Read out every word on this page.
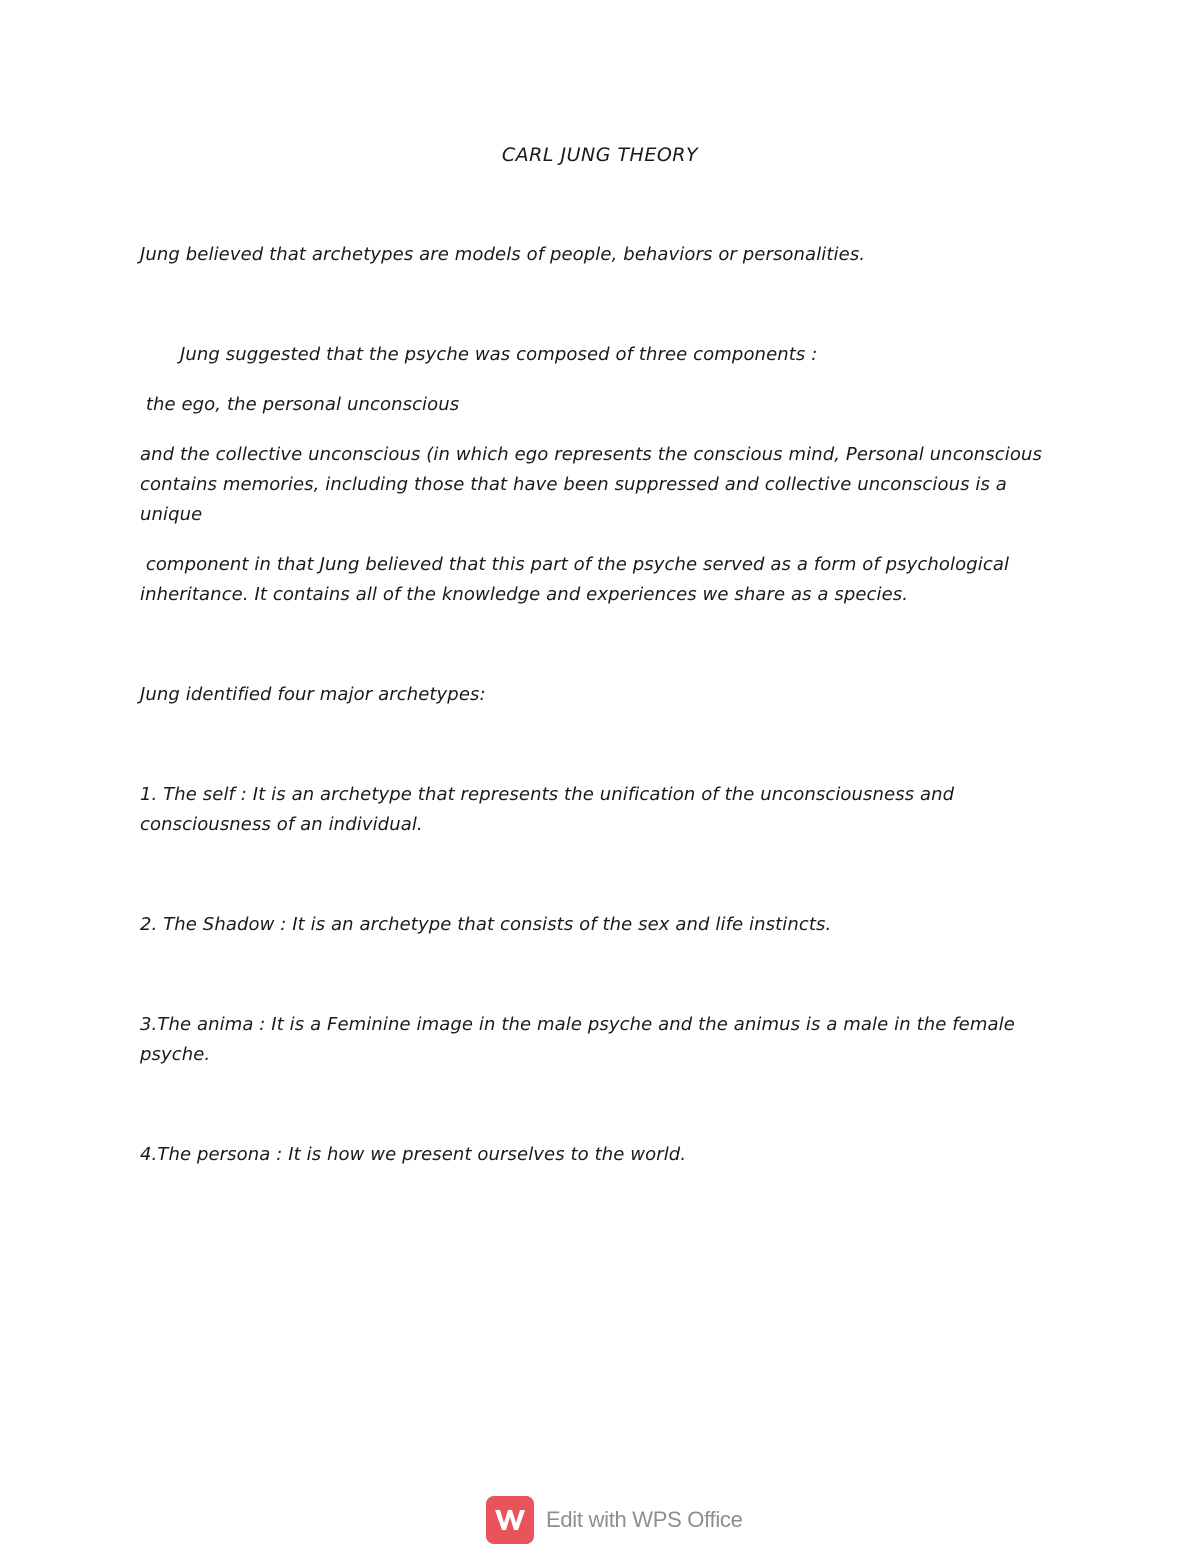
CARL JUNG THEORY
Jung believed that archetypes are models of people, behaviors or personalities.
Jung suggested that the psyche was composed of three components :
the ego, the personal unconscious
and the collective unconscious (in which ego represents the conscious mind, Personal unconscious
contains memories, including those that have been suppressed and collective unconscious is a
unique
component in that Jung believed that this part of the psyche served as a form of psychological
inheritance. It contains all of the knowledge and experiences we share as a species.
Jung identified four major archetypes:
1. The self : It is an archetype that represents the unification of the unconsciousness and
consciousness of an individual.
2. The Shadow : It is an archetype that consists of the sex and life instincts.
3.The anima : It is a Feminine image in the male psyche and the animus is a male in the female
psyche.
4.The persona : It is how we present ourselves to the world.
Edit with WPS Office
